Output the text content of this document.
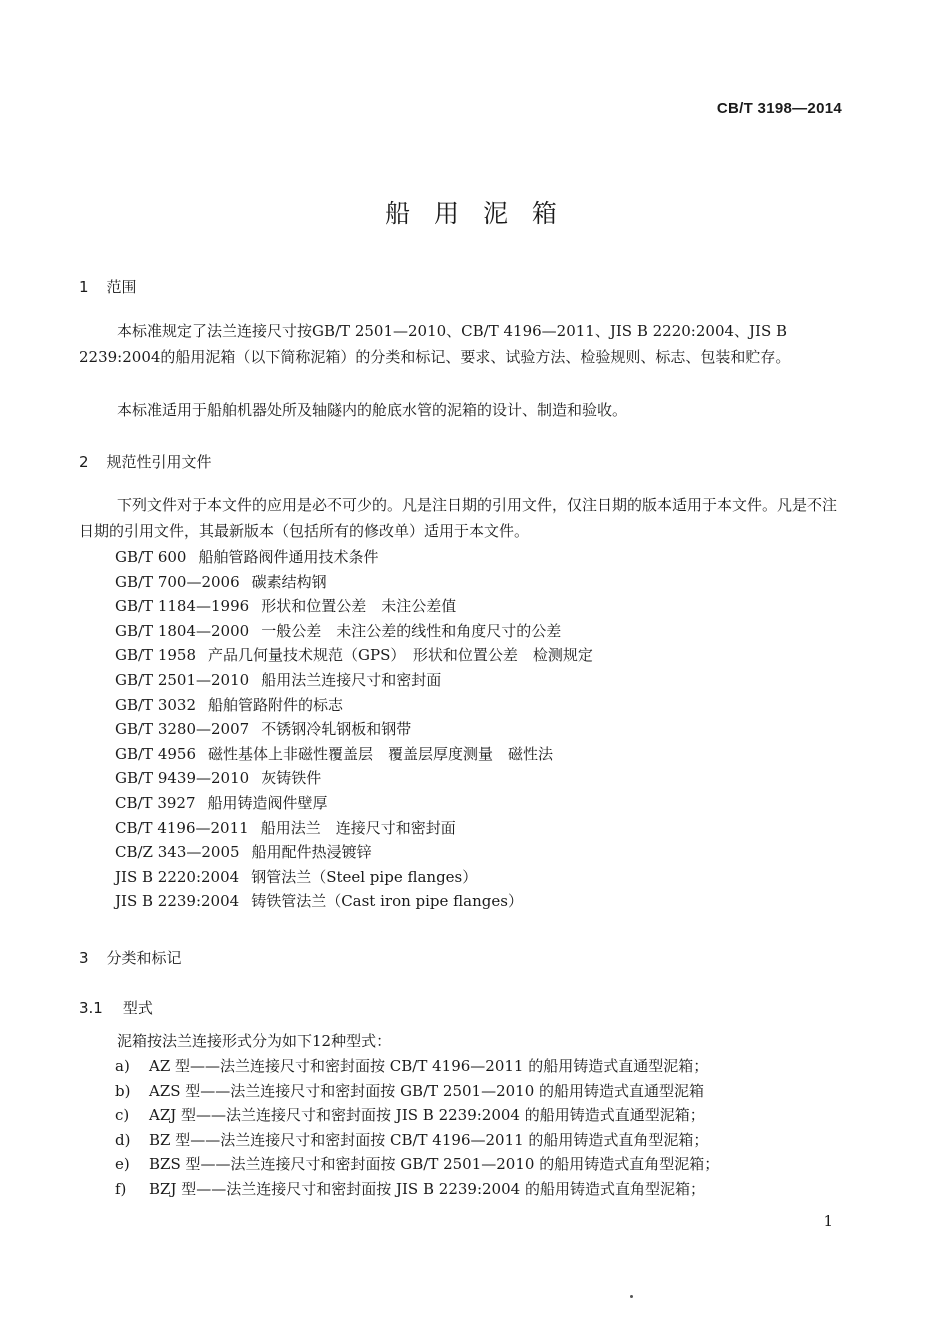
CB/T 3198—2014
船 用 泥 箱
1 范围
本标准规定了法兰连接尺寸按GB/T 2501—2010、CB/T 4196—2011、JIS B 2220:2004、JIS B 2239:2004的船用泥箱（以下简称泥箱）的分类和标记、要求、试验方法、检验规则、标志、包装和贮存。
本标准适用于船舶机器处所及轴隧内的舱底水管的泥箱的设计、制造和验收。
2 规范性引用文件
下列文件对于本文件的应用是必不可少的。凡是注日期的引用文件，仅注日期的版本适用于本文件。凡是不注日期的引用文件，其最新版本（包括所有的修改单）适用于本文件。
GB/T 600 船舶管路阀件通用技术条件
GB/T 700—2006 碳素结构钢
GB/T 1184—1996 形状和位置公差　未注公差值
GB/T 1804—2000 一般公差　未注公差的线性和角度尺寸的公差
GB/T 1958 产品几何量技术规范（GPS）　形状和位置公差　检测规定
GB/T 2501—2010 船用法兰连接尺寸和密封面
GB/T 3032 船舶管路附件的标志
GB/T 3280—2007 不锈钢冷轧钢板和钢带
GB/T 4956 磁性基体上非磁性覆盖层　覆盖层厚度测量　磁性法
GB/T 9439—2010 灰铸铁件
CB/T 3927 船用铸造阀件壁厚
CB/T 4196—2011 船用法兰　连接尺寸和密封面
CB/Z 343—2005 船用配件热浸镀锌
JIS B 2220:2004 钢管法兰（Steel pipe flanges）
JIS B 2239:2004 铸铁管法兰（Cast iron pipe flanges）
3 分类和标记
3.1 型式
泥箱按法兰连接形式分为如下12种型式：
a) AZ 型——法兰连接尺寸和密封面按 CB/T 4196—2011 的船用铸造式直通型泥箱；
b) AZS 型——法兰连接尺寸和密封面按 GB/T 2501—2010 的船用铸造式直通型泥箱
c) AZJ 型——法兰连接尺寸和密封面按 JIS B 2239:2004 的船用铸造式直通型泥箱；
d) BZ 型——法兰连接尺寸和密封面按 CB/T 4196—2011 的船用铸造式直角型泥箱；
e) BZS 型——法兰连接尺寸和密封面按 GB/T 2501—2010 的船用铸造式直角型泥箱；
f) BZJ 型——法兰连接尺寸和密封面按 JIS B 2239:2004 的船用铸造式直角型泥箱；
1
